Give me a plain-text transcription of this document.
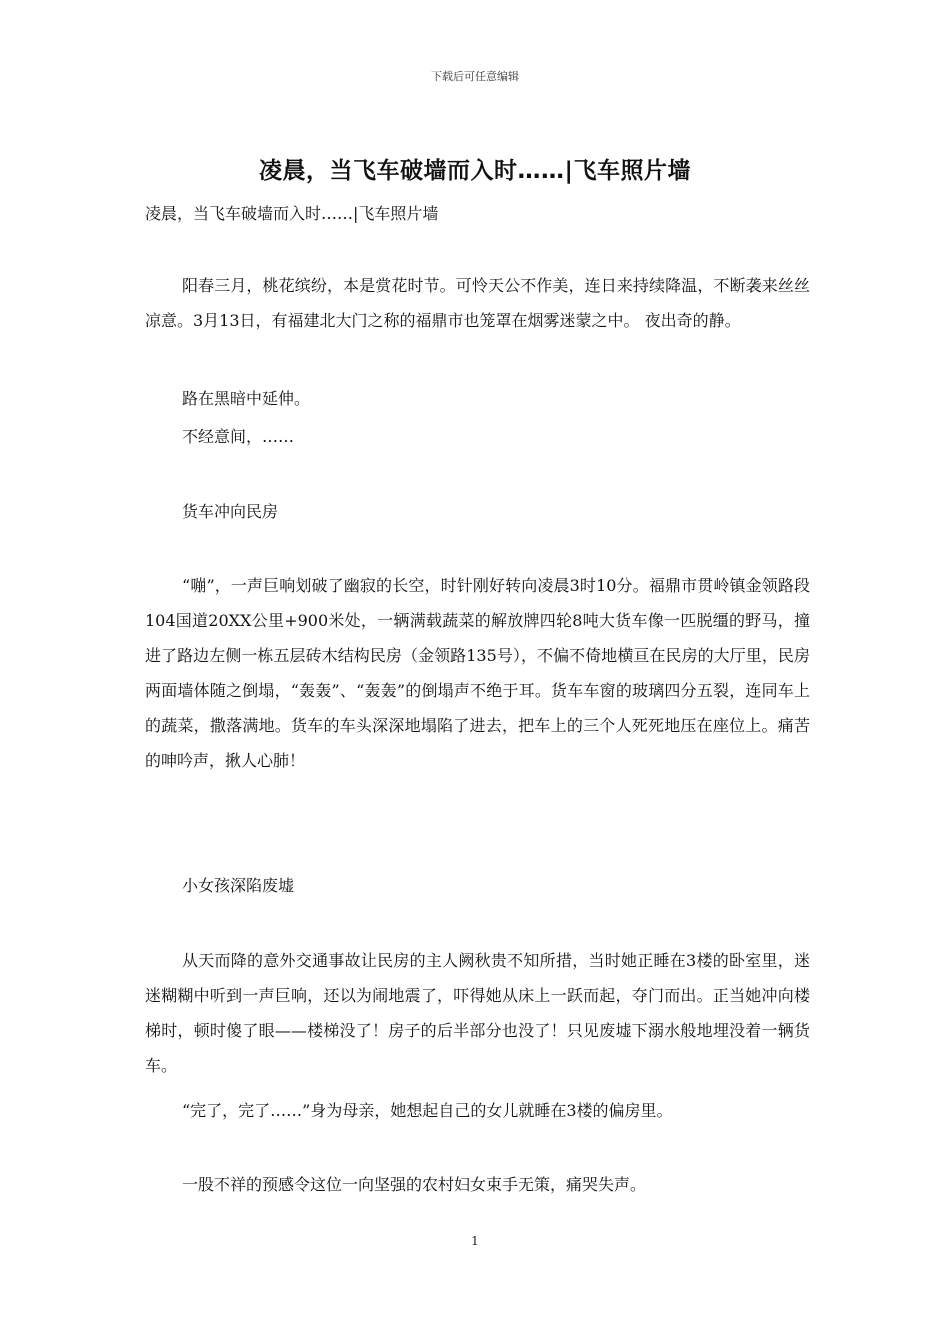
下载后可任意编辑
凌晨，当飞车破墙而入时……|飞车照片墙

凌晨，当飞车破墙而入时……|飞车照片墙

阳春三月，桃花缤纷，本是赏花时节。可怜天公不作美，连日来持续降温，不断袭来丝丝凉意。3月13日，有福建北大门之称的福鼎市也笼罩在烟雾迷蒙之中。 夜出奇的静。

路在黑暗中延伸。

不经意间，……

货车冲向民房

“嘣”，一声巨响划破了幽寂的长空，时针刚好转向凌晨3时10分。福鼎市贯岭镇金领路段104国道20XX公里+900米处，一辆满载蔬菜的解放牌四轮8吨大货车像一匹脱缰的野马，撞进了路边左侧一栋五层砖木结构民房（金领路135号），不偏不倚地横亘在民房的大厅里，民房两面墙体随之倒塌，“轰轰”、“轰轰”的倒塌声不绝于耳。货车车窗的玻璃四分五裂，连同车上的蔬菜，撒落满地。货车的车头深深地塌陷了进去，把车上的三个人死死地压在座位上。痛苦的呻吟声，揪人心肺！

小女孩深陷废墟

从天而降的意外交通事故让民房的主人阙秋贵不知所措，当时她正睡在3楼的卧室里，迷迷糊糊中听到一声巨响，还以为闹地震了，吓得她从床上一跃而起，夺门而出。正当她冲向楼梯时，顿时傻了眼——楼梯没了！房子的后半部分也没了！只见废墟下溺水般地埋没着一辆货车。

“完了，完了……”身为母亲，她想起自己的女儿就睡在3楼的偏房里。

一股不祥的预感令这位一向坚强的农村妇女束手无策，痛哭失声。

1
